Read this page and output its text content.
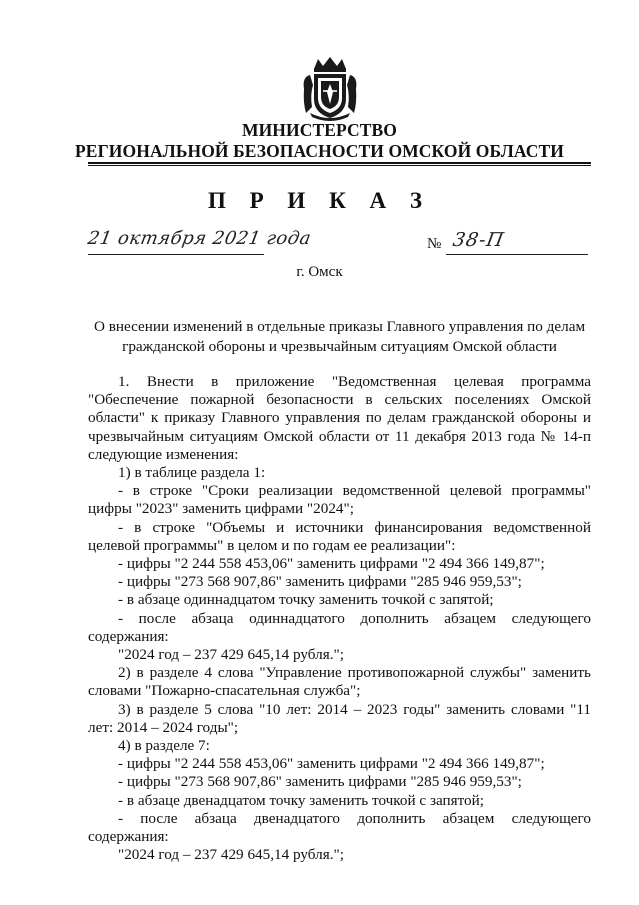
МИНИСТЕРСТВО
РЕГИОНАЛЬНОЙ БЕЗОПАСНОСТИ ОМСКОЙ ОБЛАСТИ
П Р И К А З
21 октября 2021 года	№ 38-П
г. Омск
О внесении изменений в отдельные приказы Главного управления по делам гражданской обороны и чрезвычайным ситуациям Омской области

1. Внести в приложение "Ведомственная целевая программа "Обеспечение пожарной безопасности в сельских поселениях Омской области" к приказу Главного управления по делам гражданской обороны и чрезвычайным ситуациям Омской области от 11 декабря 2013 года № 14-п следующие изменения:

1) в таблице раздела 1:

- в строке "Сроки реализации ведомственной целевой программы" цифры "2023" заменить цифрами "2024";

- в строке "Объемы и источники финансирования ведомственной целевой программы" в целом и по годам ее реализации":

- цифры "2 244 558 453,06" заменить цифрами "2 494 366 149,87";

- цифры "273 568 907,86" заменить цифрами "285 946 959,53";

- в абзаце одиннадцатом точку заменить точкой с запятой;

- после абзаца одиннадцатого дополнить абзацем следующего содержания:

"2024 год – 237 429 645,14 рубля.";

2) в разделе 4 слова "Управление противопожарной службы" заменить словами "Пожарно-спасательная служба";

3) в разделе 5 слова "10 лет: 2014 – 2023 годы" заменить словами "11 лет: 2014 – 2024 годы";

4) в разделе 7:

- цифры "2 244 558 453,06" заменить цифрами "2 494 366 149,87";

- цифры "273 568 907,86" заменить цифрами "285 946 959,53";

- в абзаце двенадцатом точку заменить точкой с запятой;

- после абзаца двенадцатого дополнить абзацем следующего содержания:

"2024 год – 237 429 645,14 рубля.";
